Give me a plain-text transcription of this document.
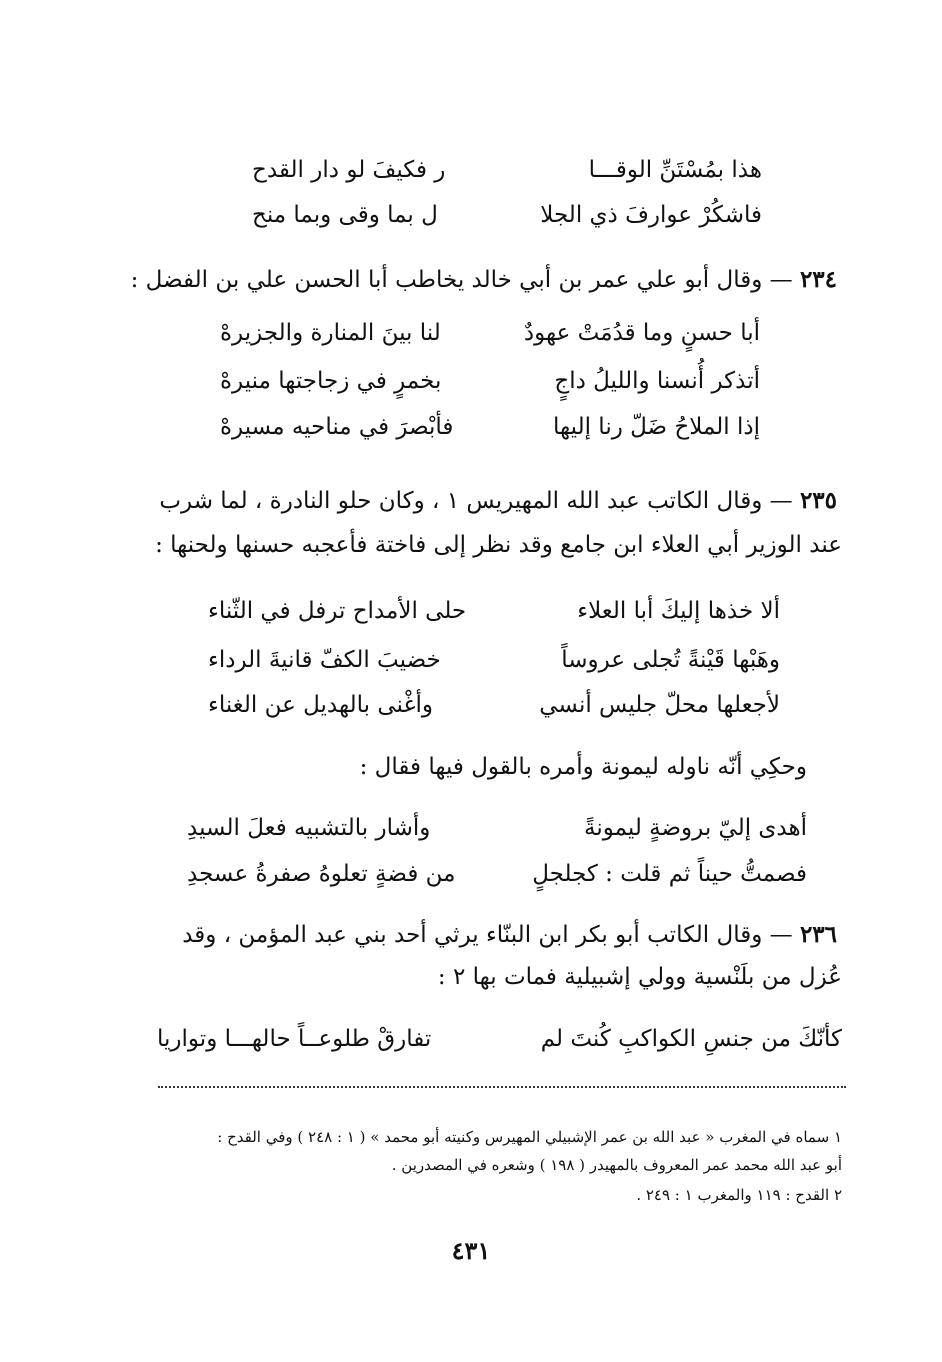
هذا بمُسْتَنِّ الوقـــا
ر فكيفَ لو دار القدح
فاشكُرْ عوارفَ ذي الجلا
ل بما وقى وبما منح
٢٣٤ — وقال أبو علي عمر بن أبي خالد يخاطب أبا الحسن علي بن الفضل :
أبا حسنٍ وما قدُمَتْ عهودٌ
لنا بينَ المنارة والجزيرهْ
أتذكر أُنسنا والليلُ داجٍ
بخمرٍ في زجاجتها منيرهْ
إذا الملاحُ ضَلّ رنا إليها
فأبْصرَ في مناحيه مسيرهْ
٢٣٥ — وقال الكاتب عبد الله المهيريس ١ ، وكان حلو النادرة ، لما شرب
عند الوزير أبي العلاء ابن جامع وقد نظر إلى فاختة فأعجبه حسنها ولحنها :
ألا خذها إليكَ أبا العلاء
حلى الأمداح ترفل في الثّناء
وهَبْها قَيْنةً تُجلى عروساً
خضيبَ الكفّ قانيةَ الرداء
لأجعلها محلّ جليس أنسي
وأغْنى بالهديل عن الغناء
وحكِي أنّه ناوله ليمونة وأمره بالقول فيها فقال :
أهدى إليّ بروضةٍ ليمونةً
وأشار بالتشبيه فعلَ السيدِ
فصمتُّ حيناً ثم قلت : كجلجلٍ
من فضةٍ تعلوهُ صفرةُ عسجدِ
٢٣٦ — وقال الكاتب أبو بكر ابن البنّاء يرثي أحد بني عبد المؤمن ، وقد
عُزل من بلَنْسية وولي إشبيلية فمات بها ٢ :
كأنّكَ من جنسِ الكواكبِ كُنتَ لم
تفارقْ طلوعــاً حالهـــا وتواريا
١ سماه في المغرب « عبد الله بن عمر الإشبيلي المهيرس وكنيته أبو محمد » ( ١ : ٢٤٨ ) وفي القدح :
أبو عبد الله محمد عمر المعروف بالمهيدر ( ١٩٨ ) وشعره في المصدرين .
٢ القدح : ١١٩ والمغرب ١ : ٢٤٩ .
٤٣١
